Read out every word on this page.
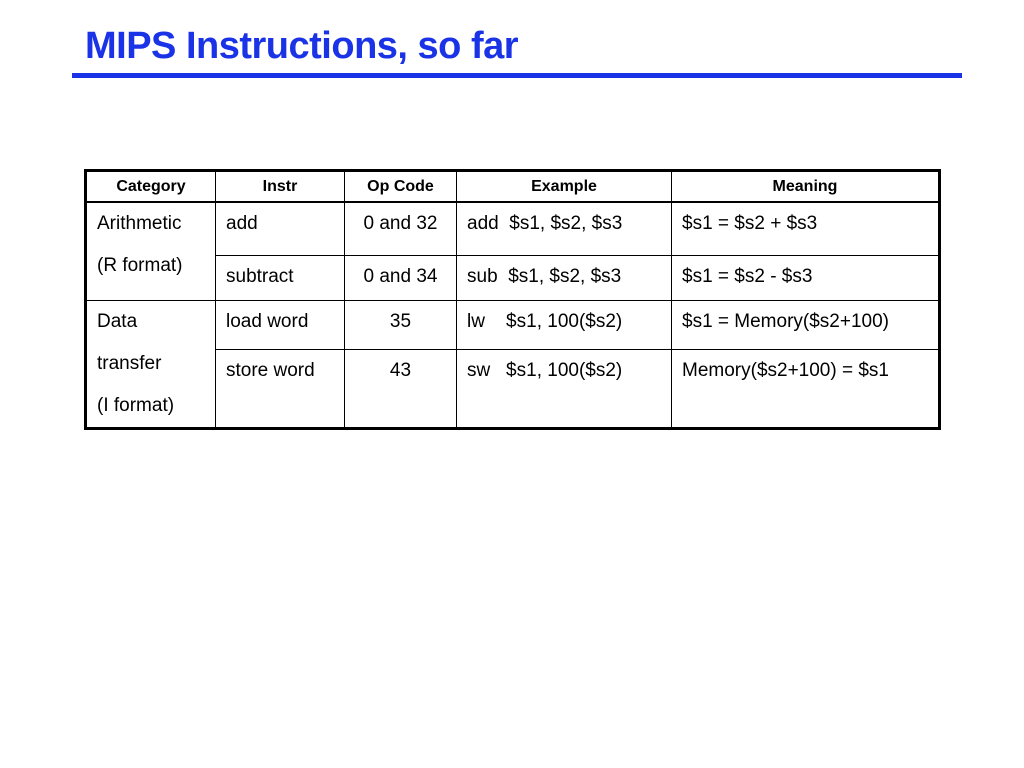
MIPS Instructions, so far
Category	Instr	Op Code	Example	Meaning

Arithmetic
(R format)	add	0 and 32	add  $s1, $s2, $s3	$s1 = $s2 + $s3
	subtract	0 and 34	sub  $s1, $s2, $s3	$s1 = $s2 - $s3

Data
transfer
(I format)	load word	35	lw    $s1, 100($s2)	$s1 = Memory($s2+100)
	store word	43	sw   $s1, 100($s2)	Memory($s2+100) = $s1
